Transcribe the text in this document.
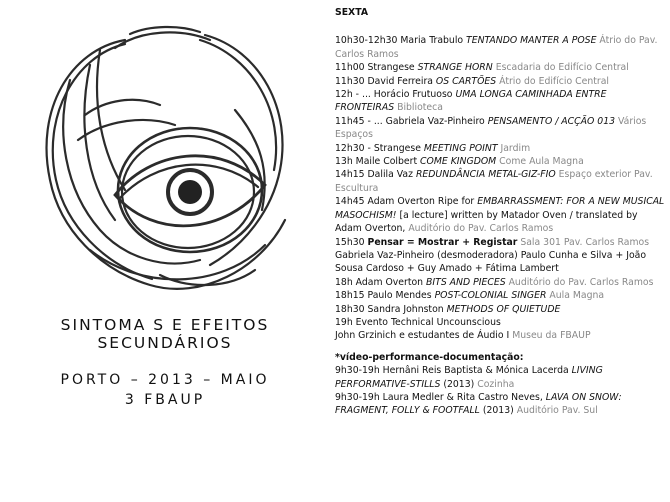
SINTOMA S E EFEITOS SECUNDÁRIOS
PORTO – 2013 – MAIO
3 FBAUP
SEXTA
10h30-12h30 Maria Trabulo TENTANDO MANTER A POSE Átrio do Pav.
Carlos Ramos
11h00 Strangese STRANGE HORN Escadaria do Edifício Central
11h30 David Ferreira OS CARTÕES Átrio do Edifício Central
12h - ... Horácio Frutuoso UMA LONGA CAMINHADA ENTRE
FRONTEIRAS Biblioteca
11h45 - ... Gabriela Vaz-Pinheiro PENSAMENTO / ACÇÃO 013 Vários
Espaços
12h30 - Strangese MEETING POINT Jardim
13h Maile Colbert COME KINGDOM Come Aula Magna
14h15 Dalila Vaz REDUNDÂNCIA METAL-GIZ-FIO Espaço exterior Pav.
Escultura
14h45 Adam Overton Ripe for EMBARRASSMENT: FOR A NEW MUSICAL
MASOCHISM! [a lecture] written by Matador Oven / translated by
Adam Overton, Auditório do Pav. Carlos Ramos
15h30 Pensar = Mostrar + Registar Sala 301 Pav. Carlos Ramos
Gabriela Vaz-Pinheiro (desmoderadora) Paulo Cunha e Silva + João
Sousa Cardoso + Guy Amado + Fátima Lambert
18h Adam Overton BITS AND PIECES Auditório do Pav. Carlos Ramos
18h15 Paulo Mendes POST-COLONIAL SINGER Aula Magna
18h30 Sandra Johnston METHODS OF QUIETUDE
19h Evento Technical Uncounscious
John Grzinich e estudantes de Áudio I Museu da FBAUP
*vídeo-performance-documentação:
9h30-19h Hernâni Reis Baptista & Mónica Lacerda LIVING
PERFORMATIVE-STILLS (2013) Cozinha
9h30-19h Laura Medler & Rita Castro Neves, LAVA ON SNOW:
FRAGMENT, FOLLY & FOOTFALL (2013) Auditório Pav. Sul
